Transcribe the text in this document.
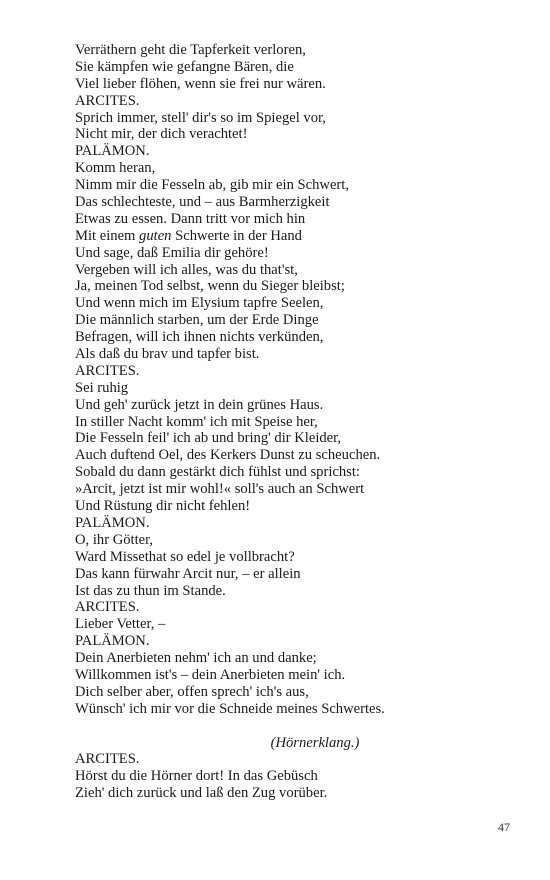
Verräthern geht die Tapferkeit verloren,
Sie kämpfen wie gefangne Bären, die
Viel lieber flöhen, wenn sie frei nur wären.
ARCITES.
Sprich immer, stell' dir's so im Spiegel vor,
Nicht mir, der dich verachtet!
PALÄMON.
Komm heran,
Nimm mir die Fesseln ab, gib mir ein Schwert,
Das schlechteste, und – aus Barmherzigkeit
Etwas zu essen. Dann tritt vor mich hin
Mit einem guten Schwerte in der Hand
Und sage, daß Emilia dir gehöre!
Vergeben will ich alles, was du that'st,
Ja, meinen Tod selbst, wenn du Sieger bleibst;
Und wenn mich im Elysium tapfre Seelen,
Die männlich starben, um der Erde Dinge
Befragen, will ich ihnen nichts verkünden,
Als daß du brav und tapfer bist.
ARCITES.
Sei ruhig
Und geh' zurück jetzt in dein grünes Haus.
In stiller Nacht komm' ich mit Speise her,
Die Fesseln feil' ich ab und bring' dir Kleider,
Auch duftend Oel, des Kerkers Dunst zu scheuchen.
Sobald du dann gestärkt dich fühlst und sprichst:
»Arcit, jetzt ist mir wohl!« soll's auch an Schwert
Und Rüstung dir nicht fehlen!
PALÄMON.
O, ihr Götter,
Ward Missethat so edel je vollbracht?
Das kann fürwahr Arcit nur, – er allein
Ist das zu thun im Stande.
ARCITES.
Lieber Vetter, –
PALÄMON.
Dein Anerbieten nehm' ich an und danke;
Willkommen ist's – dein Anerbieten mein' ich.
Dich selber aber, offen sprech' ich's aus,
Wünsch' ich mir vor die Schneide meines Schwertes.
(Hörnerklang.)
ARCITES.
Hörst du die Hörner dort! In das Gebüsch
Zieh' dich zurück und laß den Zug vorüber.
47
